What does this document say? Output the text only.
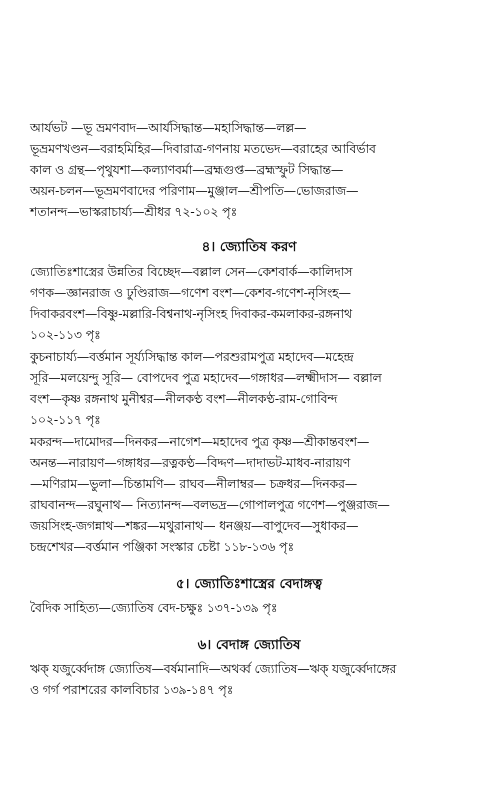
আর্যভট —ভূ ভ্রমণবাদ—আর্যসিদ্ধান্ত—মহাসিদ্ধান্ত—লল্ল—
ভূভ্রমণখণ্ডন—বরাহমিহির—দিবারাত্র-গণনায় মতভেদ—বরাহের আবির্ভাব
কাল ও গ্রন্থ—পৃথুযশা—কল্যাণবর্মা—ব্রহ্মগুপ্ত—ব্রহ্মস্ফুট সিদ্ধান্ত—
অয়ন-চলন—ভূভ্রমণবাদের পরিণাম—মুঞ্জাল—শ্রীপতি—ভোজরাজ—
শতানন্দ—ভাস্করাচার্য্য—শ্রীধর ৭২-১০২ পৃঃ
৪। জ্যোতিষ করণ
জ্যোতিঃশাস্ত্রের উন্নতির বিচ্ছেদ—বল্লাল সেন—কেশবার্ক—কালিদাস
গণক—জ্ঞানরাজ ও ঢুণ্ডিরাজ—গণেশ বংশ—কেশব-গণেশ-নৃসিংহ—
দিবাকরবংশ—বিষ্ণু-মল্লারি-বিশ্বনাথ-নৃসিংহ দিবাকর-কমলাকর-রঙ্গনাথ
১০২-১১৩ পৃঃ
কুচনাচার্য্য—বর্ত্তমান সূর্য্যসিদ্ধান্ত কাল—পরশুরামপুত্র মহাদেব—মহেন্দ্র
সূরি—মলয়েন্দু সূরি— বোপদেব পুত্র মহাদেব—গঙ্গাধর—লক্ষ্মীদাস— বল্লাল
বংশ—কৃষ্ণ রঙ্গনাথ মুনীশ্বর—নীলকণ্ঠ বংশ—নীলকণ্ঠ-রাম-গোবিন্দ
১০২-১১৭ পৃঃ
মকরন্দ—দামোদর—দিনকর—নাগেশ—মহাদেব পুত্র কৃষ্ণ—শ্রীকান্তবংশ—
অনন্ত—নারায়ণ—গঙ্গাধর—রত্নকণ্ঠ—বিদ্দণ—দাদাভট-মাধব-নারায়ণ
—মণিরাম—ভুলা—চিন্তামণি— রাঘব—নীলাম্বর— চক্রধর—দিনকর—
রাঘবানন্দ—রঘুনাথ— নিত্যানন্দ—বলভদ্র—গোপালপুত্র গণেশ—পুঞ্জরাজ—
জয়সিংহ-জগন্নাথ—শঙ্কর—মথুরানাথ— ধনঞ্জয়—বাপুদেব—সুধাকর—
চন্দ্রশেখর—বর্ত্তমান পঞ্জিকা সংস্কার চেষ্টা ১১৮-১৩৬ পৃঃ
৫। জ্যোতিঃশাস্ত্রের বেদাঙ্গত্ব
বৈদিক সাহিত্য—জ্যোতিষ বেদ-চক্ষুঃ ১৩৭-১৩৯ পৃঃ
৬। বেদাঙ্গ জ্যোতিষ
ঋক্‌ যজুর্ব্বেদাঙ্গ জ্যোতিষ—বর্ষমানাদি—অথর্ব্ব জ্যোতিষ—ঋক্‌ যজুর্ব্বেদাঙ্গের
ও গর্গ পরাশরের কালবিচার ১৩৯-১৪৭ পৃঃ
